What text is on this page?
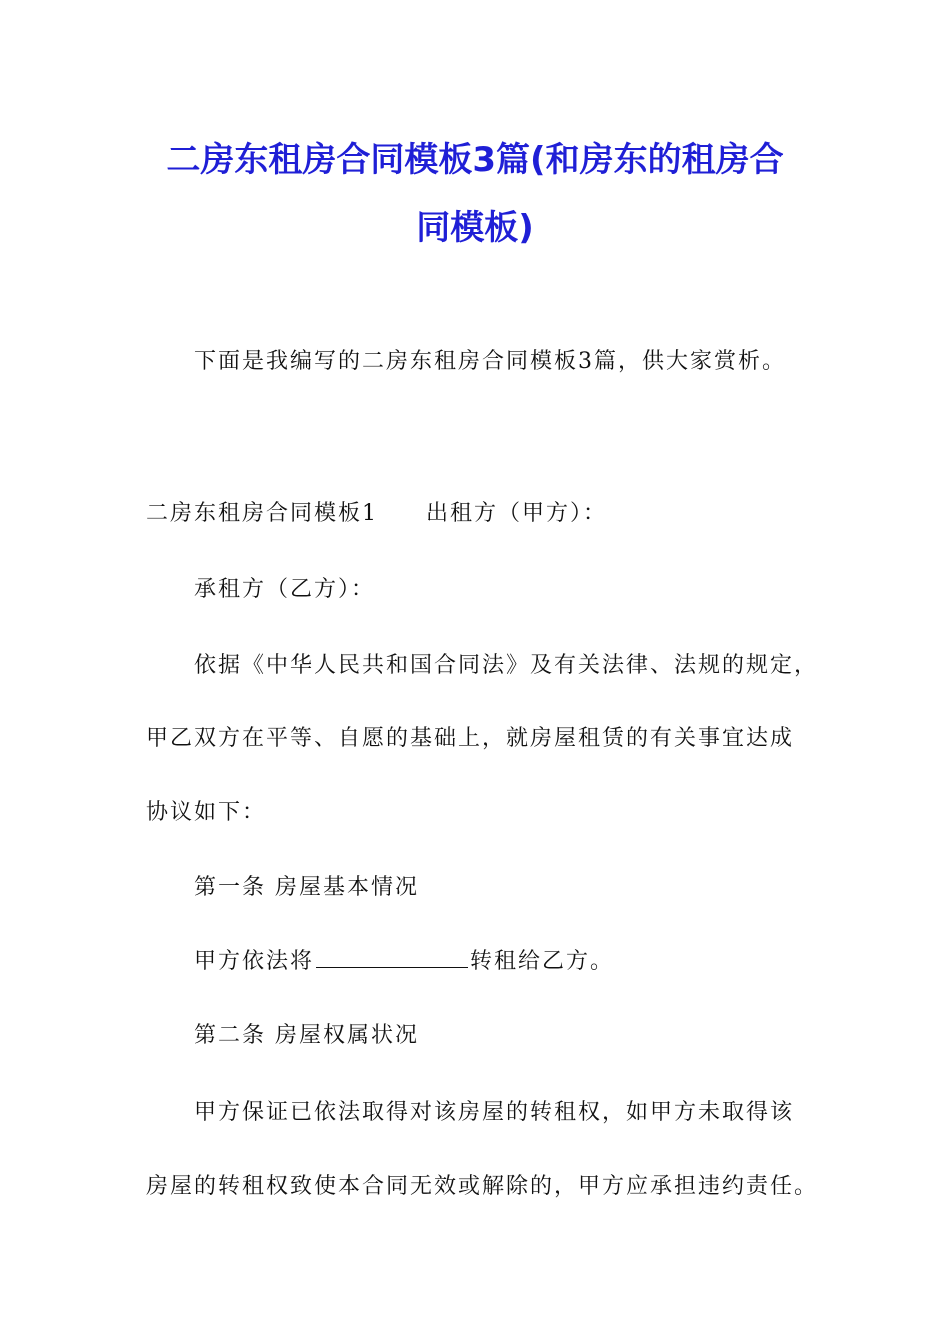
二房东租房合同模板3篇(和房东的租房合
同模板)
下面是我编写的二房东租房合同模板3篇，供大家赏析。
二房东租房合同模板1 出租方（甲方）：
承租方（乙方）：
依据《中华人民共和国合同法》及有关法律、法规的规定，
甲乙双方在平等、自愿的基础上，就房屋租赁的有关事宜达成
协议如下：
第一条 房屋基本情况
甲方依法将	转租给乙方。
第二条 房屋权属状况
甲方保证已依法取得对该房屋的转租权，如甲方未取得该
房屋的转租权致使本合同无效或解除的，甲方应承担违约责任。
